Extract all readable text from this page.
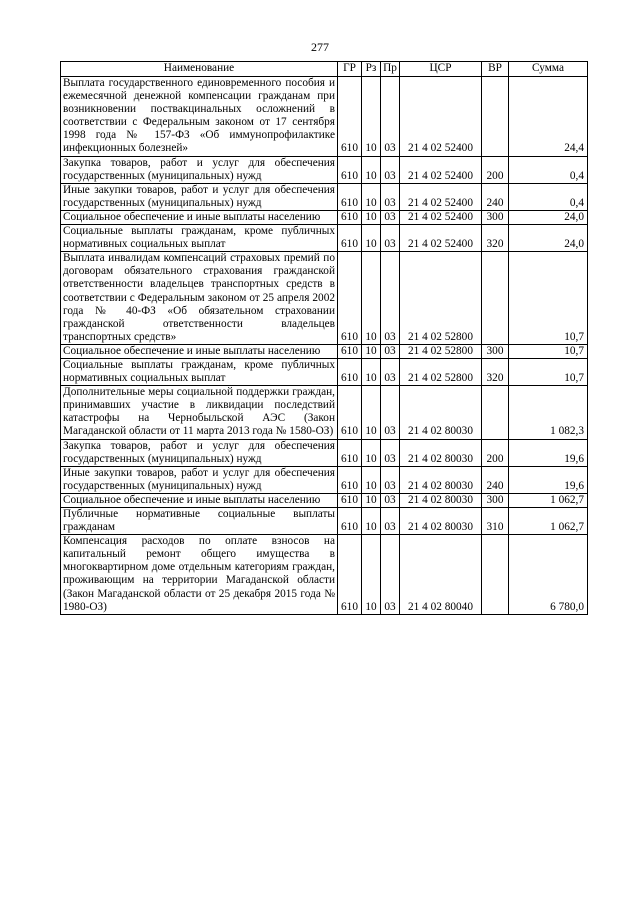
277
Наименование	ГР	Рз	Пр	ЦСР	ВР	Сумма
Выплата государственного единовременного пособия и ежемесячной денежной компенсации гражданам при возникновении поствакцинальных осложнений в соответствии с Федеральным законом от 17 сентября 1998 года № 157-ФЗ «Об иммунопрофилактике инфекционных болезней»	610	10	03	21 4 02 52400		24,4
Закупка товаров, работ и услуг для обеспечения государственных (муниципальных) нужд	610	10	03	21 4 02 52400	200	0,4
Иные закупки товаров, работ и услуг для обеспечения государственных (муниципальных) нужд	610	10	03	21 4 02 52400	240	0,4
Социальное обеспечение и иные выплаты населению	610	10	03	21 4 02 52400	300	24,0
Социальные выплаты гражданам, кроме публичных нормативных социальных выплат	610	10	03	21 4 02 52400	320	24,0
Выплата инвалидам компенсаций страховых премий по договорам обязательного страхования гражданской ответственности владельцев транспортных средств в соответствии с Федеральным законом от 25 апреля 2002 года № 40-ФЗ «Об обязательном страховании гражданской ответственности владельцев транспортных средств»	610	10	03	21 4 02 52800		10,7
Социальное обеспечение и иные выплаты населению	610	10	03	21 4 02 52800	300	10,7
Социальные выплаты гражданам, кроме публичных нормативных социальных выплат	610	10	03	21 4 02 52800	320	10,7
Дополнительные меры социальной поддержки граждан, принимавших участие в ликвидации последствий катастрофы на Чернобыльской АЭС (Закон Магаданской области от 11 марта 2013 года № 1580-ОЗ)	610	10	03	21 4 02 80030		1 082,3
Закупка товаров, работ и услуг для обеспечения государственных (муниципальных) нужд	610	10	03	21 4 02 80030	200	19,6
Иные закупки товаров, работ и услуг для обеспечения государственных (муниципальных) нужд	610	10	03	21 4 02 80030	240	19,6
Социальное обеспечение и иные выплаты населению	610	10	03	21 4 02 80030	300	1 062,7
Публичные нормативные социальные выплаты гражданам	610	10	03	21 4 02 80030	310	1 062,7
Компенсация расходов по оплате взносов на капитальный ремонт общего имущества в многоквартирном доме отдельным категориям граждан, проживающим на территории Магаданской области (Закон Магаданской области от 25 декабря 2015 года № 1980-ОЗ)	610	10	03	21 4 02 80040		6 780,0
